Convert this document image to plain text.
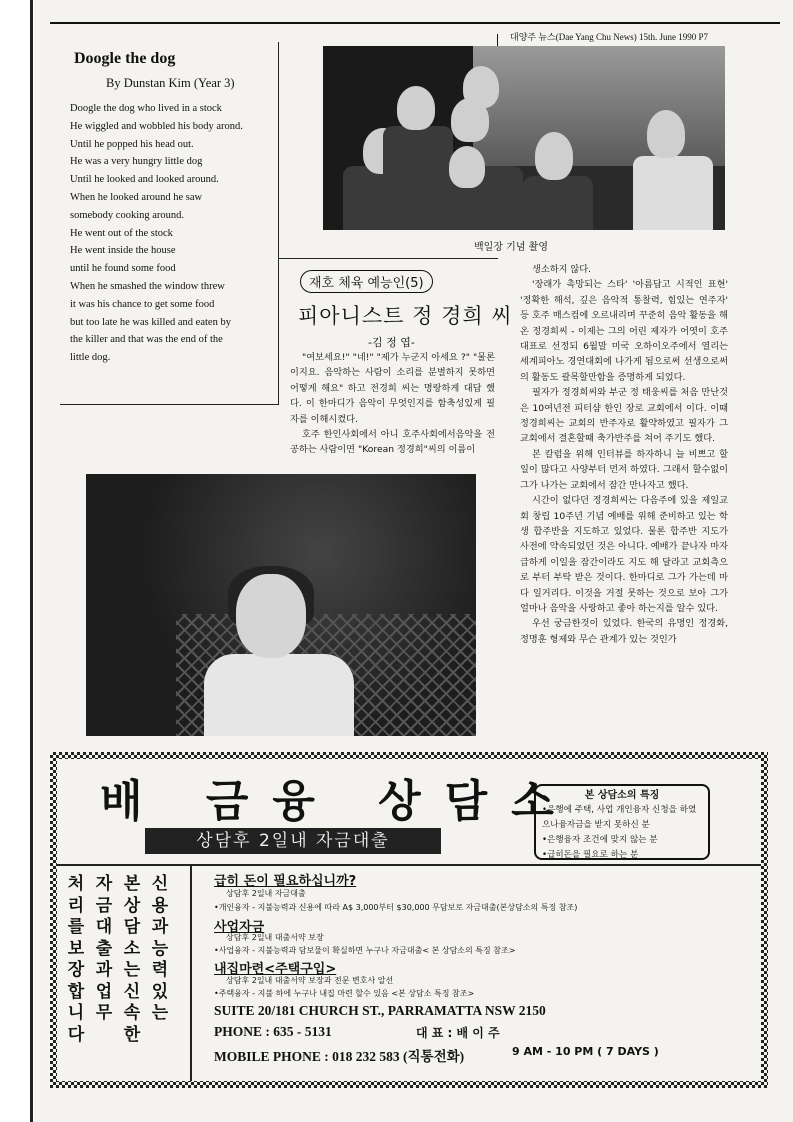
대양주 뉴스(Dae Yang Chu News) 15th. June 1990 P7
Doogle the dog
By Dunstan Kim (Year 3)
Doogle the dog who lived in a stock
He wiggled and wobbled his body arond.
Until he popped his head out.
He was a very hungry little dog
Until he looked and looked around.
When he looked around he saw
somebody cooking around.
He went out of the stock
He went inside the house
until he found some food
When he smashed the window threw
it was his chance to get some food
but too late he was killed and eaten by
the killer and that was the end of the
little dog.
백일장 기념 촬영
재호 체육 예능인(5)
피아니스트 정 경희 씨
-김 정 엽-

"여보세요!" "네!" "제가 누군지 아세요 ?" "물론이지요. 음악하는 사람이 소리를 분별하지 못하면 어떻게 해요" 하고 전경희 씨는 명랑하게 대답 했다. 이 한마디가 음악이 무엇인지를 함축성있게 필자를 이해시켰다.

호주 한인사회에서 아니 호주사회에서음악을 전공하는 사람이면 "Korean 정경희"씨의 이름이

생소하지 않다.

'장래가 촉망되는 스타' '아름답고 시적인 표현' '정확한 해석, 깊은 음악적 통찰력, 힘있는 연주자' 등 호주 매스컴에 오르내리며 꾸준히 음악 활동을 해온 정경희씨 - 이제는 그의 어린 제자가 어엿이 호주대표로 선정되 6월말 미국 오하이오주에서 열리는 세계피아노 경연대회에 나가게 됨으로써 선생으로써의 활동도 괄목할만함을 증명하게 되었다.

필자가 정경희씨와 부군 정 태웅씨를 처음 만난것은 10여년전 피터샴 한인 장로 교회에서 이다. 이때 정경희씨는 교회의 반주자로 활약하였고 필자가 그 교회에서 결혼할때 축가반주를 쳐어 주기도 했다.

본 칼럼을 위해 인터뷰를 하자하니 늘 비쁘고 할일이 많다고 사양부터 먼저 하였다. 그래서 할수없이 그가 나가는 교회에서 잠간 만나자고 했다.

시간이 없다던 정경희씨는 다음주에 있을 제일교회 창립 10주년 기념 예배를 위해 준비하고 있는 학생 합주반을 지도하고 있었다. 물론 합주반 지도가 사전에 약속되었던 것은 아니다. 예배가 끝나자 마자 급하게 이일을 잠간이라도 지도 해 달라고 교회측으로 부터 부탁 받은 것이다. 한마디로 그가 가는데 마다 일거리다. 이것을 거절 못하는 것으로 보아 그가 얼마나 음악을 사랑하고 좋아 하는지를 알수 있다.

우선 궁금한것이 있었다. 한국의 유명인 정경화, 정명훈 형제와 무슨 관계가 있는 것인가

배 금융 상담소
상담후 2일내 자금대출
본 상담소의 특징
•은행에 주택, 사업 개인융자 신청을 하였으나융자금을 받지 못하신 분
•은행융자 조건에 맞지 않는 분
•급히돈을 필요로 하는 분
신용과능력있는
본상담소는신속한
자금대출과업무
처리를보장합니다
급히 돈이 필요하십니까?
상담후 2일내 자금대출
•개인융자 - 지불능력과 신용에 따라 A$ 3,000부터 $30,000 무담보로 자금대출(본상담소의 특징 참조)
사업자금
상담후 2일내 대출서약 보장
•사업융자 - 지불능력과 담보물이 확실하면 누구나 자금대출< 본 상담소의 특징 참조>
내집마련<주택구입>
상담후 2일내 대출서약 보장과 전문 변호사 알선
•주택융자 - 지불 하에 누구나 내집 마련 할수 있음 <본 상담소 특징 참조>
SUITE 20/181 CHURCH ST., PARRAMATTA NSW 2150
PHONE : 635 - 5131	대 표 : 배 이 주
MOBILE PHONE : 018 232 583 (직통전화)	9 AM - 10 PM ( 7 DAYS )
